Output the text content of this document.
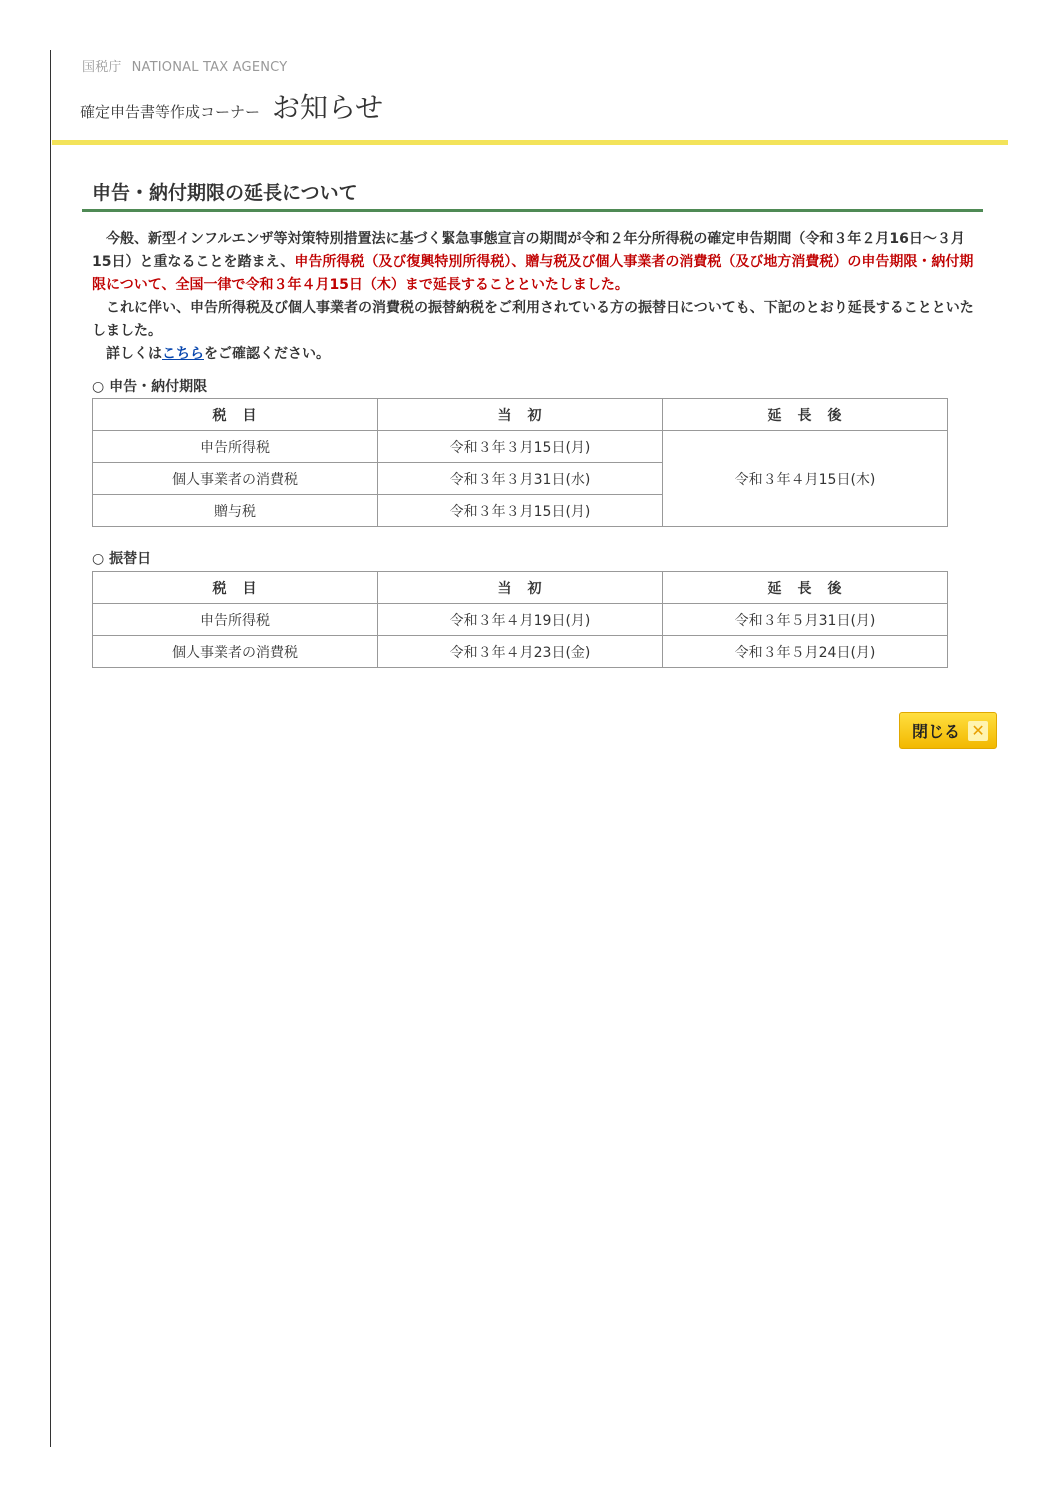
国税庁 NATIONAL TAX AGENCY
確定申告書等作成コーナー お知らせ
申告・納付期限の延長について

　今般、新型インフルエンザ等対策特別措置法に基づく緊急事態宣言の期間が令和２年分所得税の確定申告期間（令和３年２月16日～３月15日）と重なることを踏まえ、申告所得税（及び復興特別所得税）、贈与税及び個人事業者の消費税（及び地方消費税）の申告期限・納付期限について、全国一律で令和３年４月15日（木）まで延長することといたしました。

　これに伴い、申告所得税及び個人事業者の消費税の振替納税をご利用されている方の振替日についても、下記のとおり延長することといたしました。

　詳しくはこちらをご確認ください。

○ 申告・納付期限
税　目	当　初	延　長　後
申告所得税	令和３年３月15日(月)	令和３年４月15日(木)
個人事業者の消費税	令和３年３月31日(水)	
贈与税	令和３年３月15日(月)	
○ 振替日
税　目	当　初	延　長　後
申告所得税	令和３年４月19日(月)	令和３年５月31日(月)
個人事業者の消費税	令和３年４月23日(金)	令和３年５月24日(月)
閉じる ✕
